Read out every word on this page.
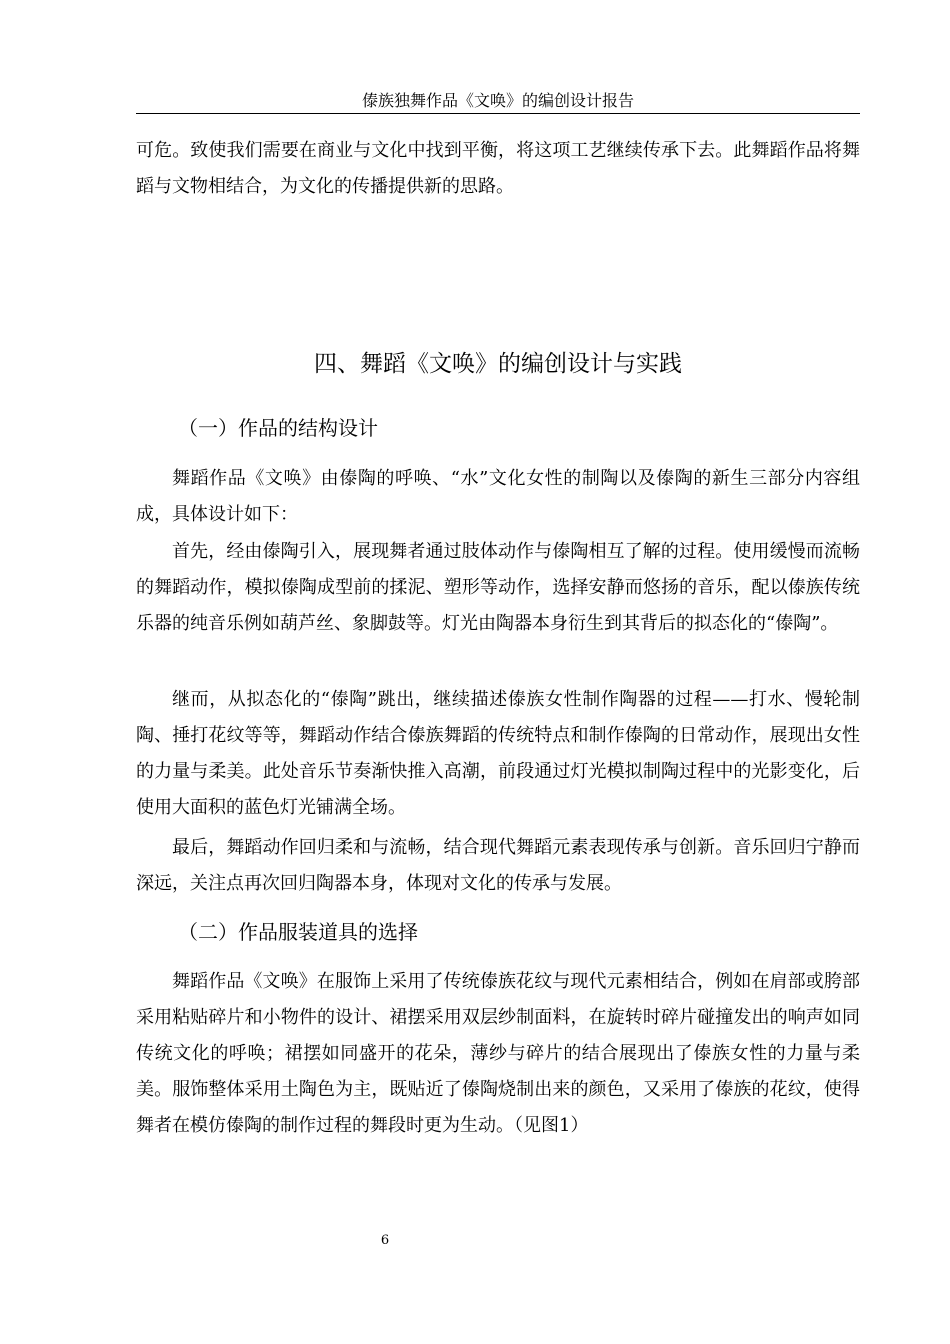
傣族独舞作品《文唤》的编创设计报告

可危。致使我们需要在商业与文化中找到平衡，将这项工艺继续传承下去。此舞蹈作品将舞蹈与文物相结合，为文化的传播提供新的思路。

四、舞蹈《文唤》的编创设计与实践
（一）作品的结构设计

舞蹈作品《文唤》由傣陶的呼唤、“水”文化女性的制陶以及傣陶的新生三部分内容组成，具体设计如下：

首先，经由傣陶引入，展现舞者通过肢体动作与傣陶相互了解的过程。使用缓慢而流畅的舞蹈动作，模拟傣陶成型前的揉泥、塑形等动作，选择安静而悠扬的音乐，配以傣族传统乐器的纯音乐例如葫芦丝、象脚鼓等。灯光由陶器本身衍生到其背后的拟态化的“傣陶”。

继而，从拟态化的“傣陶”跳出，继续描述傣族女性制作陶器的过程——打水、慢轮制陶、捶打花纹等等，舞蹈动作结合傣族舞蹈的传统特点和制作傣陶的日常动作，展现出女性的力量与柔美。此处音乐节奏渐快推入高潮，前段通过灯光模拟制陶过程中的光影变化，后使用大面积的蓝色灯光铺满全场。

最后，舞蹈动作回归柔和与流畅，结合现代舞蹈元素表现传承与创新。音乐回归宁静而深远，关注点再次回归陶器本身，体现对文化的传承与发展。

（二）作品服装道具的选择

舞蹈作品《文唤》在服饰上采用了传统傣族花纹与现代元素相结合，例如在肩部或胯部采用粘贴碎片和小物件的设计、裙摆采用双层纱制面料，在旋转时碎片碰撞发出的响声如同传统文化的呼唤；裙摆如同盛开的花朵，薄纱与碎片的结合展现出了傣族女性的力量与柔美。服饰整体采用土陶色为主，既贴近了傣陶烧制出来的颜色，又采用了傣族的花纹，使得舞者在模仿傣陶的制作过程的舞段时更为生动。（见图1）

6
